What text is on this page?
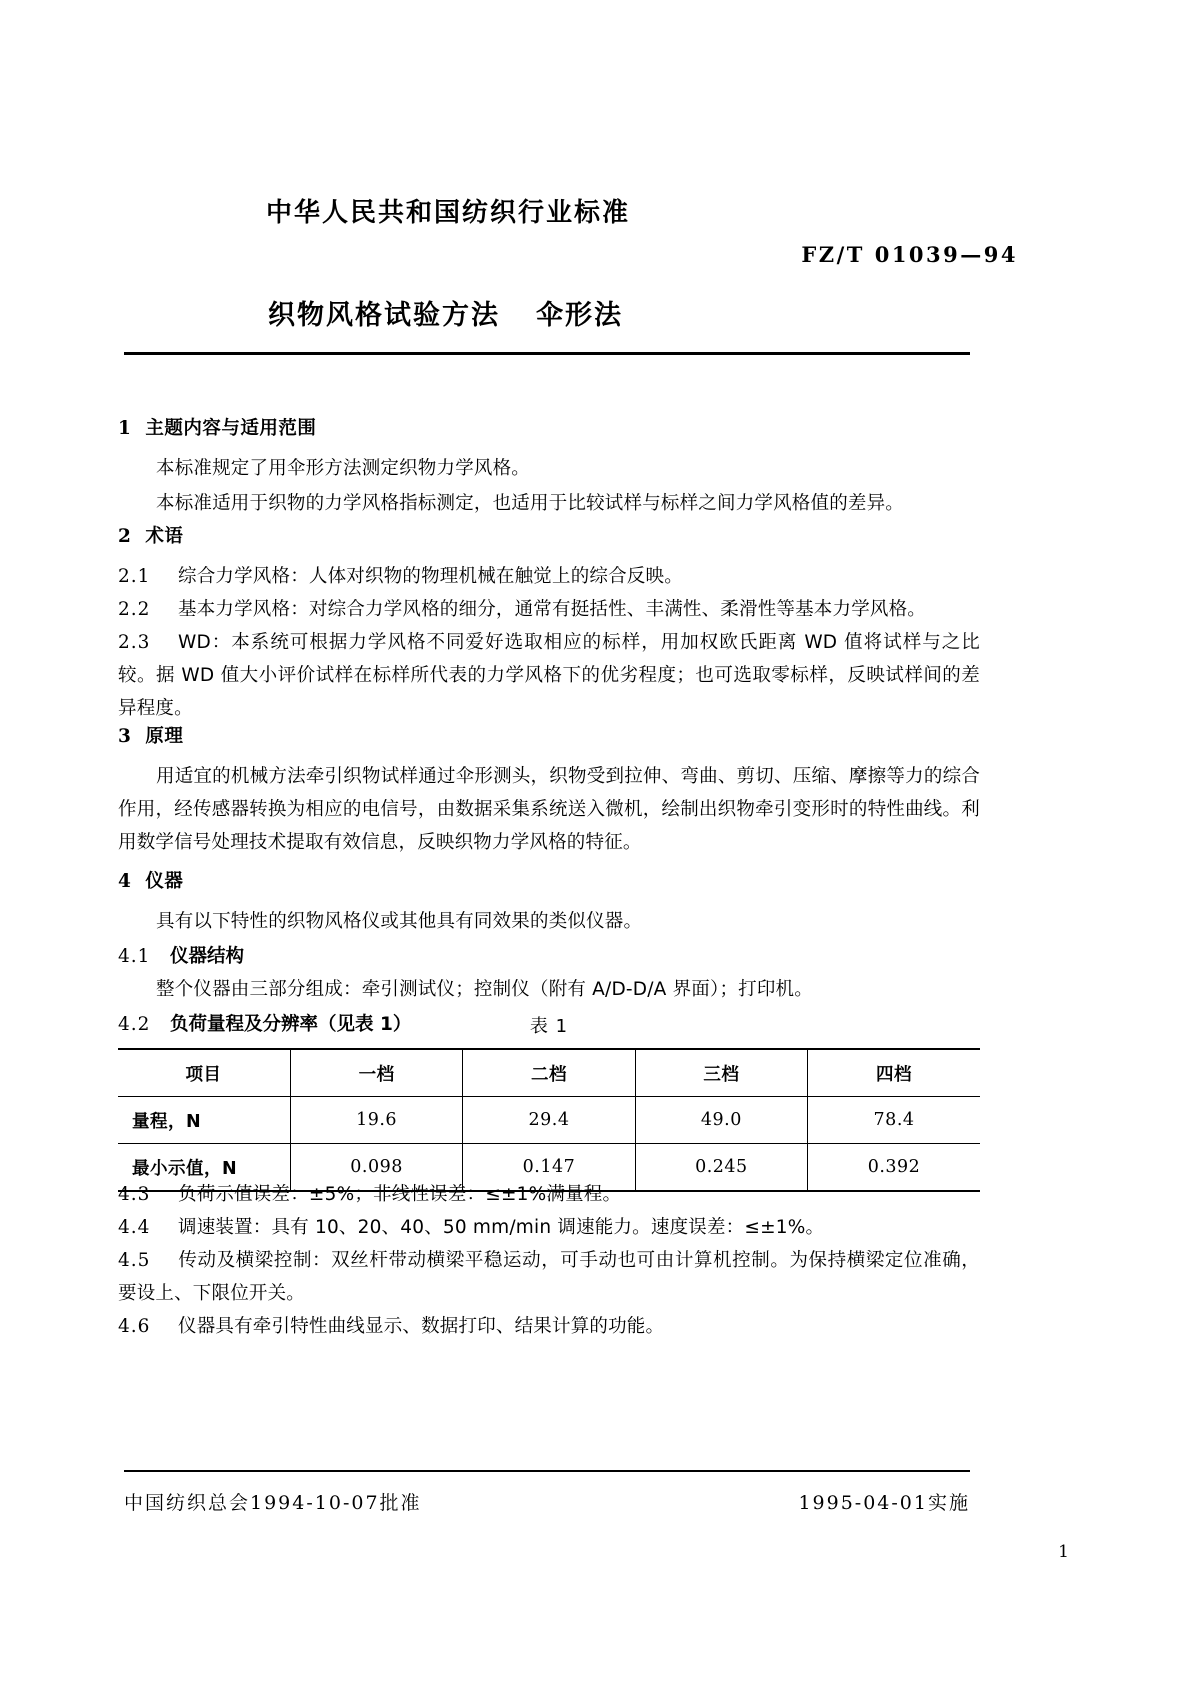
中华人民共和国纺织行业标准
FZ/T 01039—94
织物风格试验方法 伞形法
1 主题内容与适用范围

本标准规定了用伞形方法测定织物力学风格。

本标准适用于织物的力学风格指标测定，也适用于比较试样与标样之间力学风格值的差异。

2 术语

2.1 综合力学风格：人体对织物的物理机械在触觉上的综合反映。

2.2 基本力学风格：对综合力学风格的细分，通常有挺括性、丰满性、柔滑性等基本力学风格。

2.3 WD：本系统可根据力学风格不同爱好选取相应的标样，用加权欧氏距离 WD 值将试样与之比较。据 WD 值大小评价试样在标样所代表的力学风格下的优劣程度；也可选取零标样，反映试样间的差异程度。

3 原理

用适宜的机械方法牵引织物试样通过伞形测头，织物受到拉伸、弯曲、剪切、压缩、摩擦等力的综合作用，经传感器转换为相应的电信号，由数据采集系统送入微机，绘制出织物牵引变形时的特性曲线。利用数学信号处理技术提取有效信息，反映织物力学风格的特征。

4 仪器

具有以下特性的织物风格仪或其他具有同效果的类似仪器。

4.1 仪器结构

整个仪器由三部分组成：牵引测试仪；控制仪（附有 A/D-D/A 界面）；打印机。

4.2 负荷量程及分辨率（见表 1）	表 1
项目	一档	二档	三档	四档
量程，N	19.6	29.4	49.0	78.4
最小示值，N	0.098	0.147	0.245	0.392

4.3 负荷示值误差：±5%；非线性误差：≤±1%满量程。

4.4 调速装置：具有 10、20、40、50 mm/min 调速能力。速度误差：≤±1%。

4.5 传动及横梁控制：双丝杆带动横梁平稳运动，可手动也可由计算机控制。为保持横梁定位准确，要设上、下限位开关。

4.6 仪器具有牵引特性曲线显示、数据打印、结果计算的功能。

中国纺织总会1994-10-07批准	1995-04-01实施
1
